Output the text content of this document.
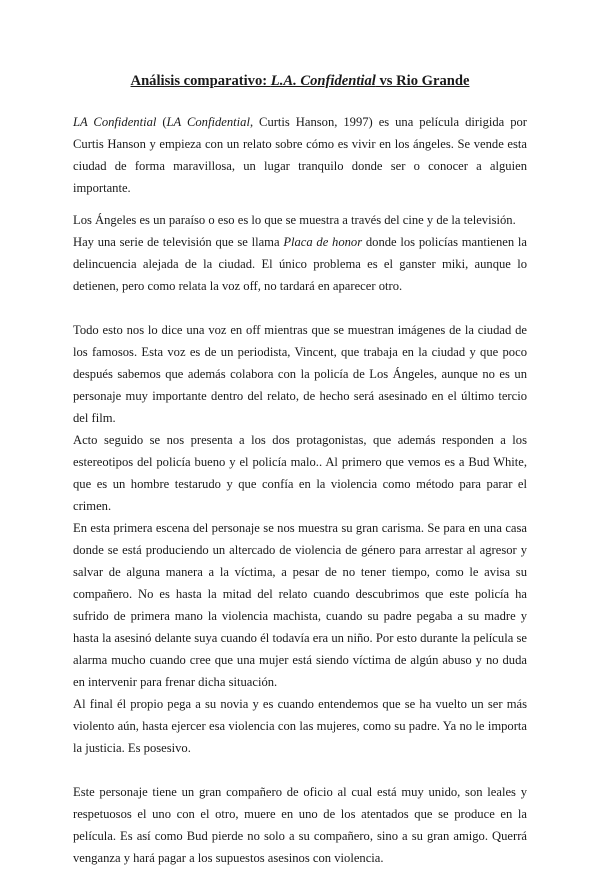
Análisis comparativo: L.A. Confidential vs Rio Grande

LA Confidential (LA Confidential, Curtis Hanson, 1997) es una película dirigida por Curtis Hanson y empieza con un relato sobre cómo es vivir en los ángeles. Se vende esta ciudad de forma maravillosa, un lugar tranquilo donde ser o conocer a alguien importante.

Los Ángeles es un paraíso o eso es lo que se muestra a través del cine y de la televisión.

Hay una serie de televisión que se llama Placa de honor donde los policías mantienen la delincuencia alejada de la ciudad. El único problema es el ganster miki, aunque lo detienen, pero como relata la voz off, no tardará en aparecer otro.

Todo esto nos lo dice una voz en off mientras que se muestran imágenes de la ciudad de los famosos. Esta voz es de un periodista, Vincent, que trabaja en la ciudad y que poco después sabemos que además colabora con la policía de Los Ángeles, aunque no es un personaje muy importante dentro del relato, de hecho será asesinado en el último tercio del film.

Acto seguido se nos presenta a los dos protagonistas, que además responden a los estereotipos del policía bueno y el policía malo.. Al primero que vemos es a Bud White, que es un hombre testarudo y que confía en la violencia como método para parar el crimen.

En esta primera escena del personaje se nos muestra su gran carisma. Se para en una casa donde se está produciendo un altercado de violencia de género para arrestar al agresor y salvar de alguna manera a la víctima, a pesar de no tener tiempo, como le avisa su compañero. No es hasta la mitad del relato cuando descubrimos que este policía ha sufrido de primera mano la violencia machista, cuando su padre pegaba a su madre y hasta la asesinó delante suya cuando él todavía era un niño. Por esto durante la película se alarma mucho cuando cree que una mujer está siendo víctima de algún abuso y no duda en intervenir para frenar dicha situación.

Al final él propio pega a su novia y es cuando entendemos que se ha vuelto un ser más violento aún, hasta ejercer esa violencia con las mujeres, como su padre. Ya no le importa la justicia. Es posesivo.

Este personaje tiene un gran compañero de oficio al cual está muy unido, son leales y respetuosos el uno con el otro, muere en uno de los atentados que se produce en la película. Es así como Bud pierde no solo a su compañero, sino a su gran amigo. Querrá venganza y hará pagar a los supuestos asesinos con violencia.
